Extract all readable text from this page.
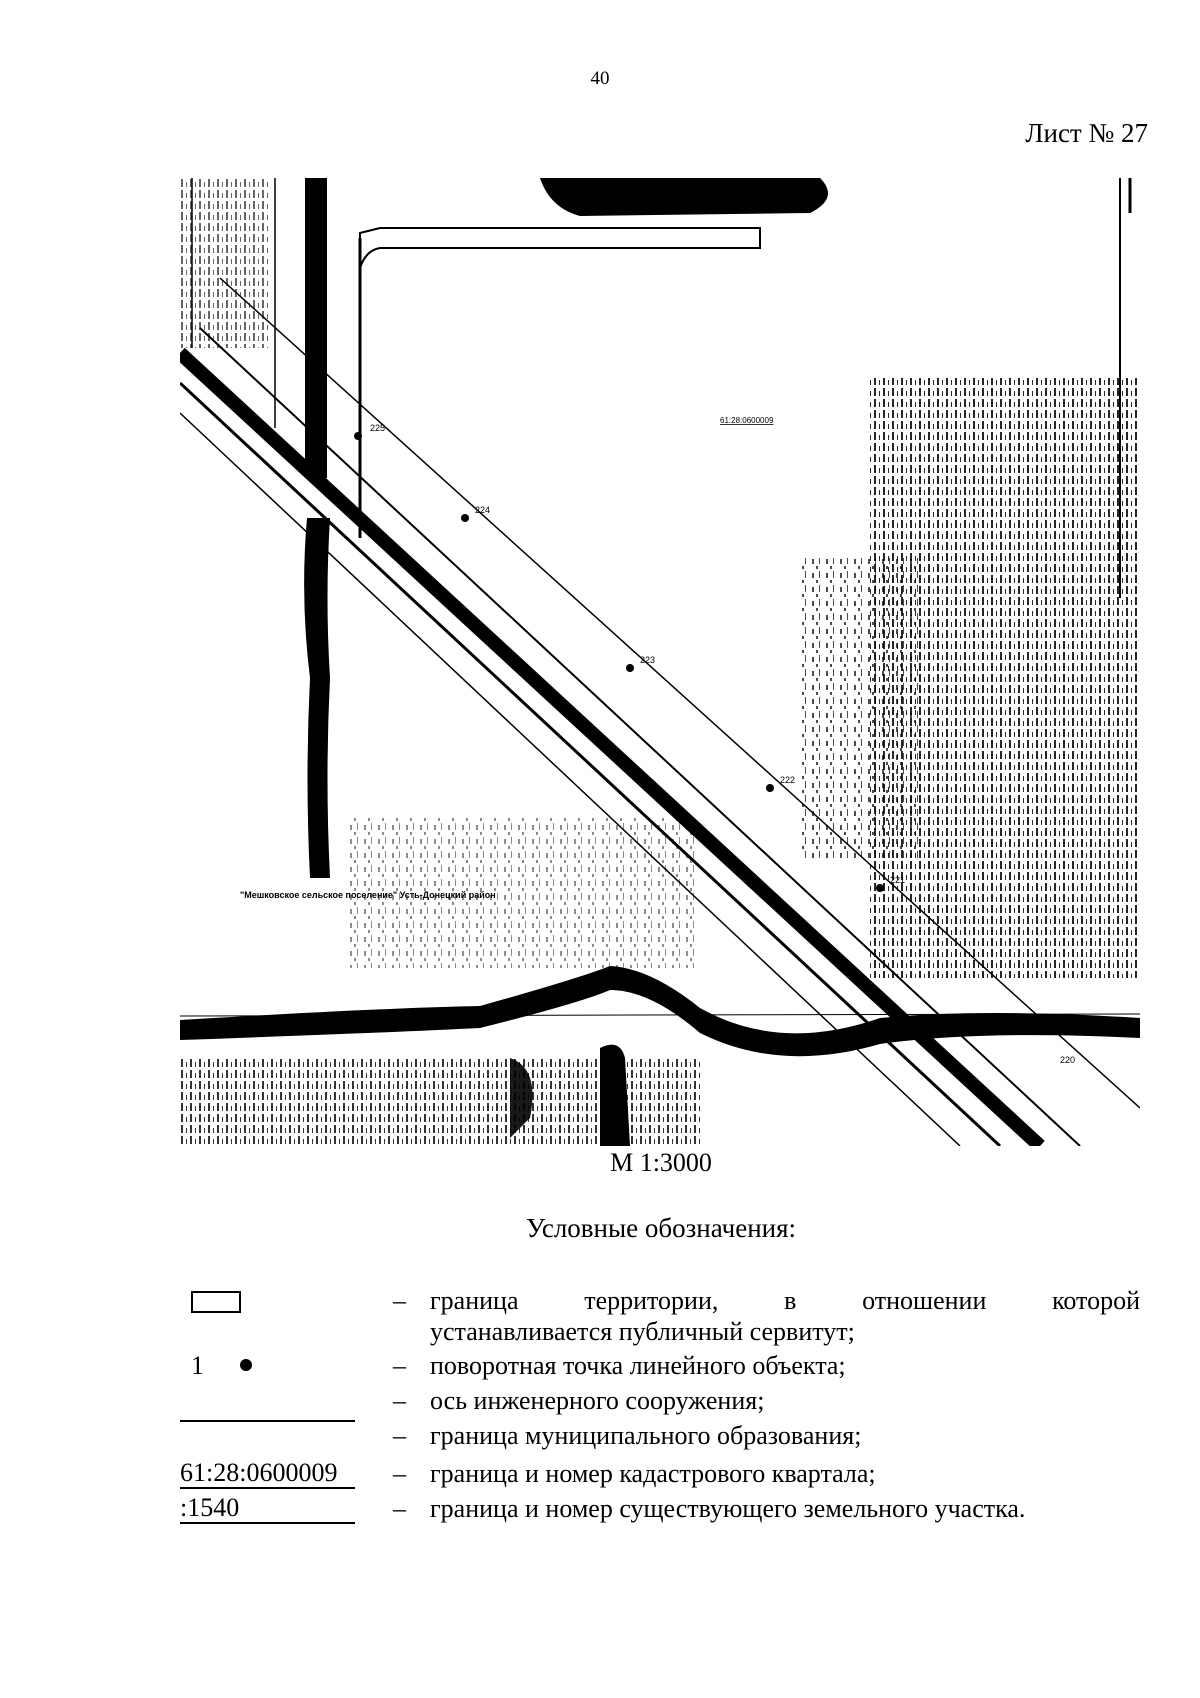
40
Лист № 27
225
224
223
222
221
220
61:28:0600009
"Мешковское сельское поселение" Усть-Донецкий район
М 1:3000
Условные обозначения:
– граница территории, в отношении которой
устанавливается публичный сервитут;
1	– поворотная точка линейного объекта;
– ось инженерного сооружения;
– граница муниципального образования;
61:28:0600009	– граница и номер кадастрового квартала;
:1540	– граница и номер существующего земельного участка.
